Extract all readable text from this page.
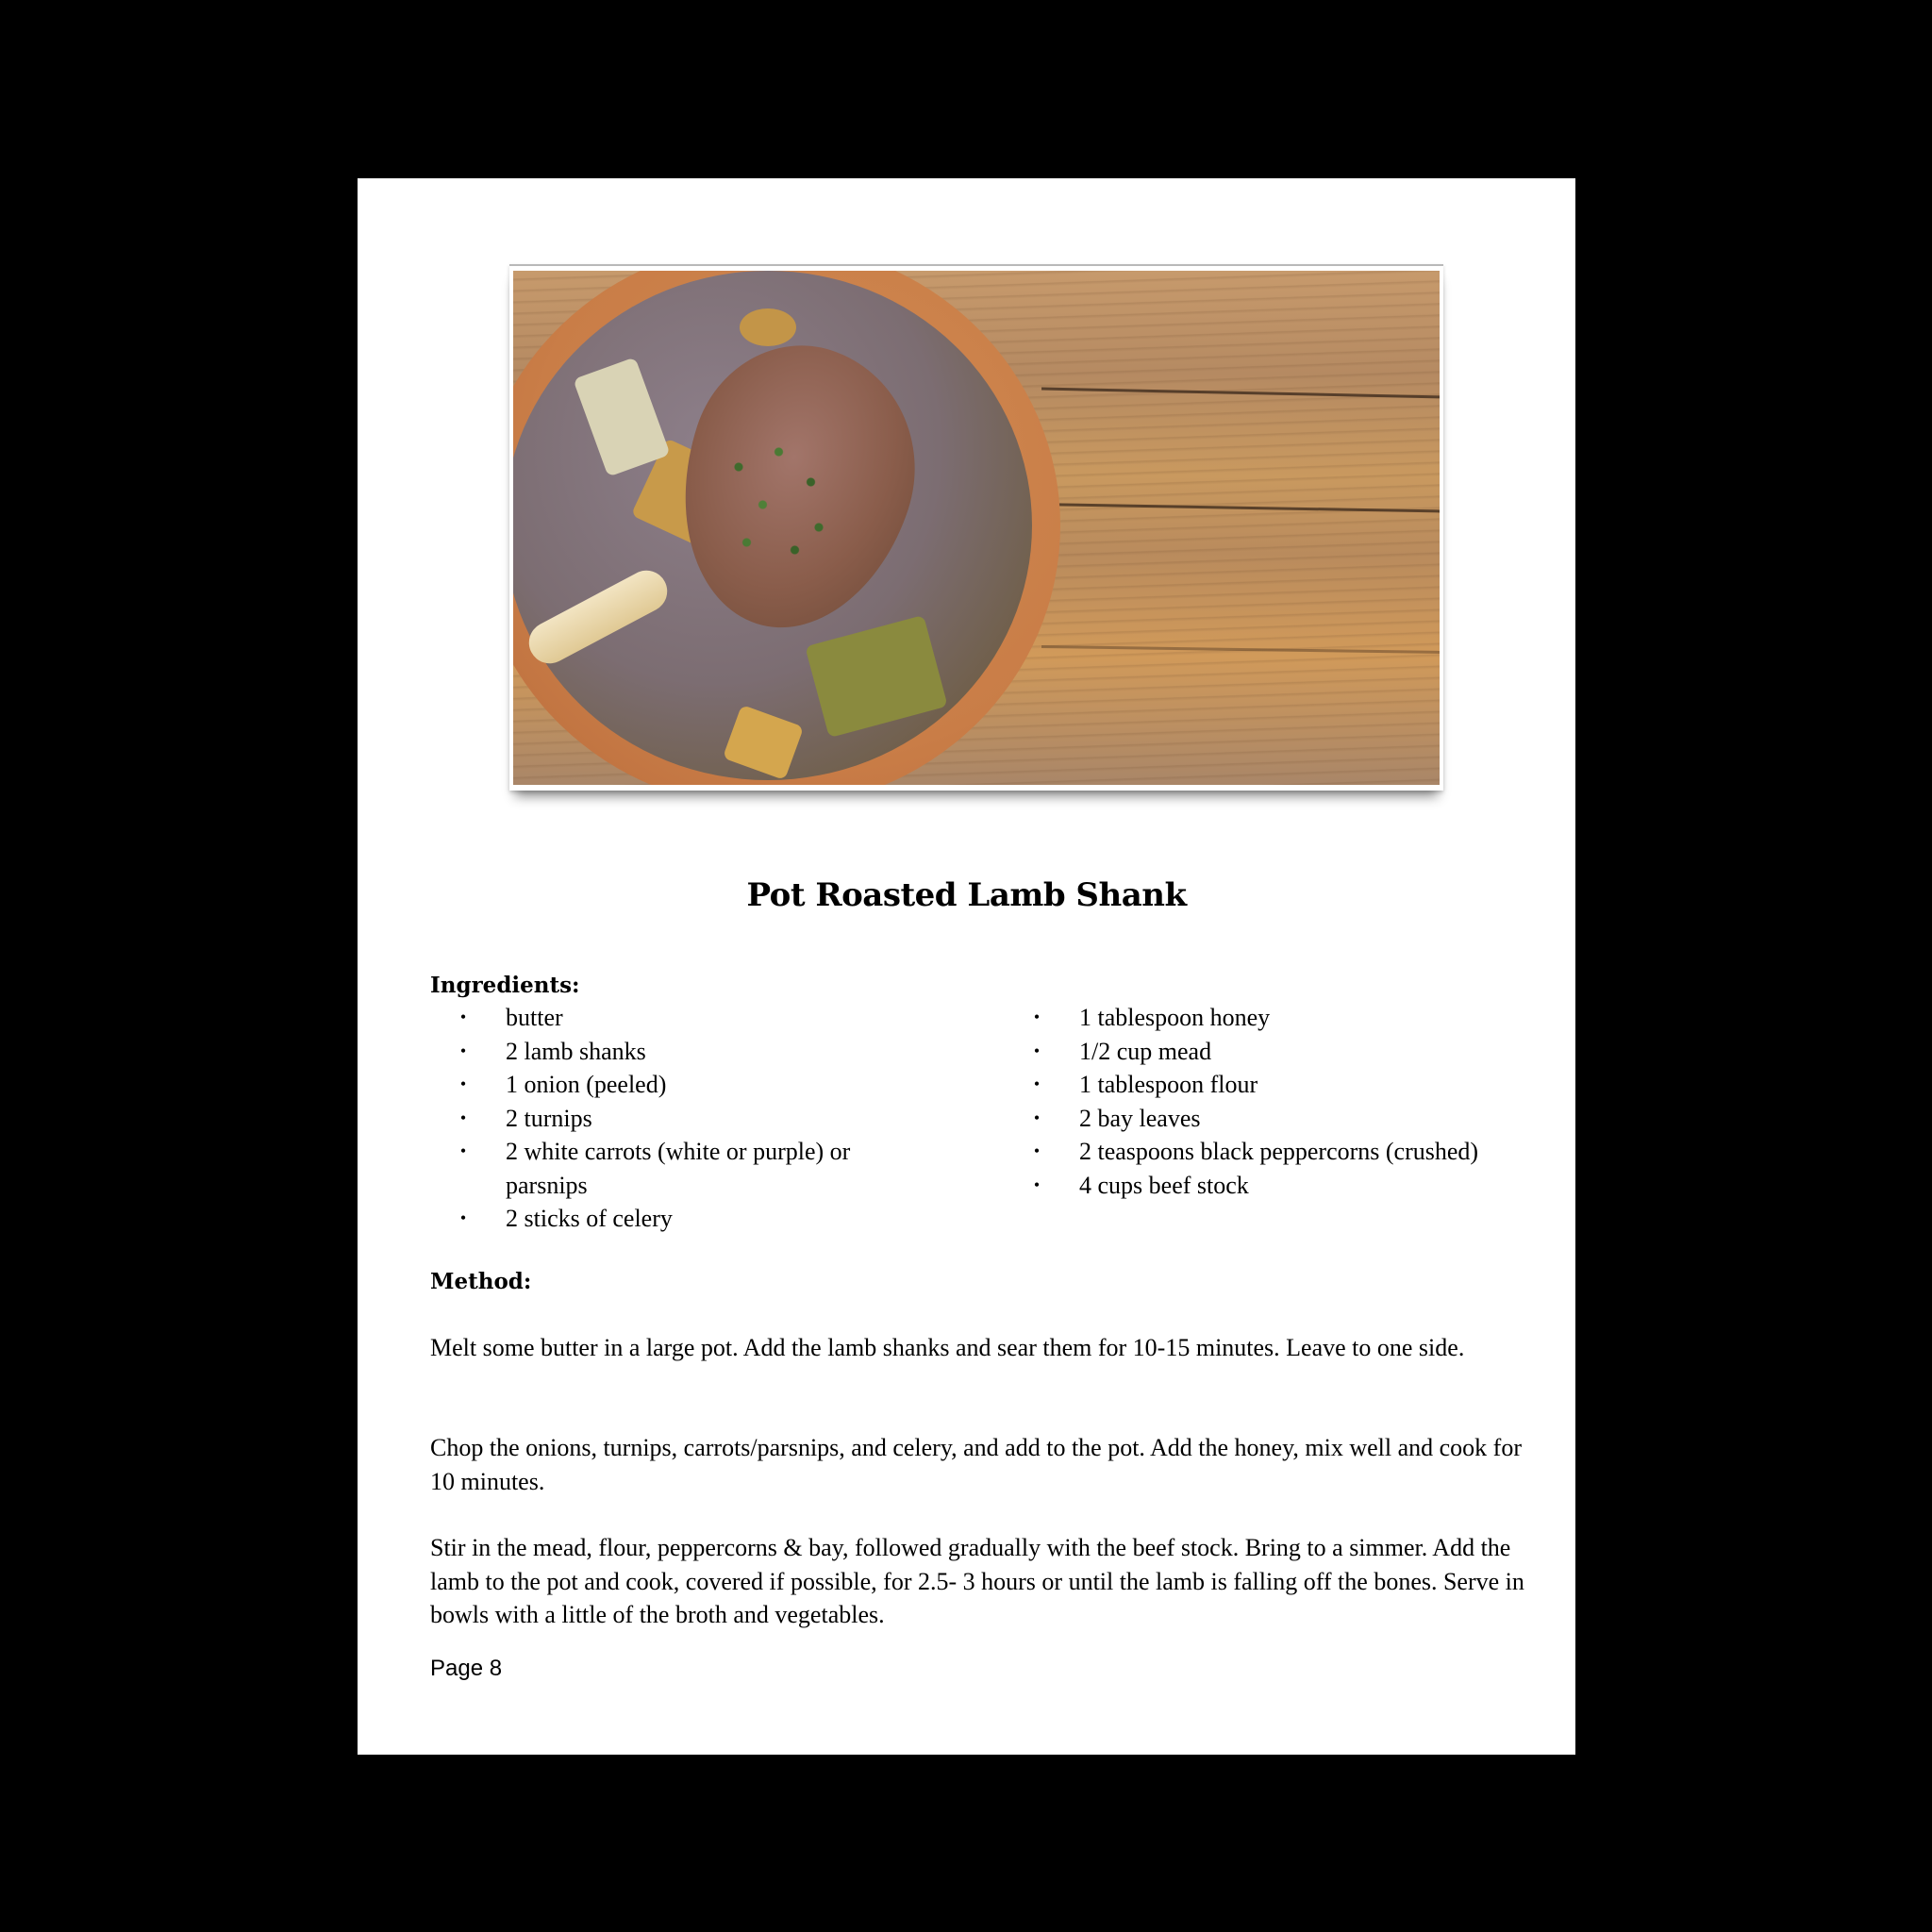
Pot Roasted Lamb Shank
Ingredients:
• butter
• 2 lamb shanks
• 1 onion (peeled)
• 2 turnips
• 2 white carrots (white or purple) or parsnips
• 2 sticks of celery
• 1 tablespoon honey
• 1/2 cup mead
• 1 tablespoon flour
• 2 bay leaves
• 2 teaspoons black peppercorns (crushed)
• 4 cups beef stock
Method:

Melt some butter in a large pot. Add the lamb shanks and sear them for 10-15 minutes. Leave to one side.

Chop the onions, turnips, carrots/parsnips, and celery, and add to the pot. Add the honey, mix well and cook for 10 minutes.

Stir in the mead, flour, peppercorns & bay, followed gradually with the beef stock. Bring to a simmer. Add the lamb to the pot and cook, covered if possible, for 2.5- 3 hours or until the lamb is falling off the bones. Serve in bowls with a little of the broth and vegetables.

Page 8
